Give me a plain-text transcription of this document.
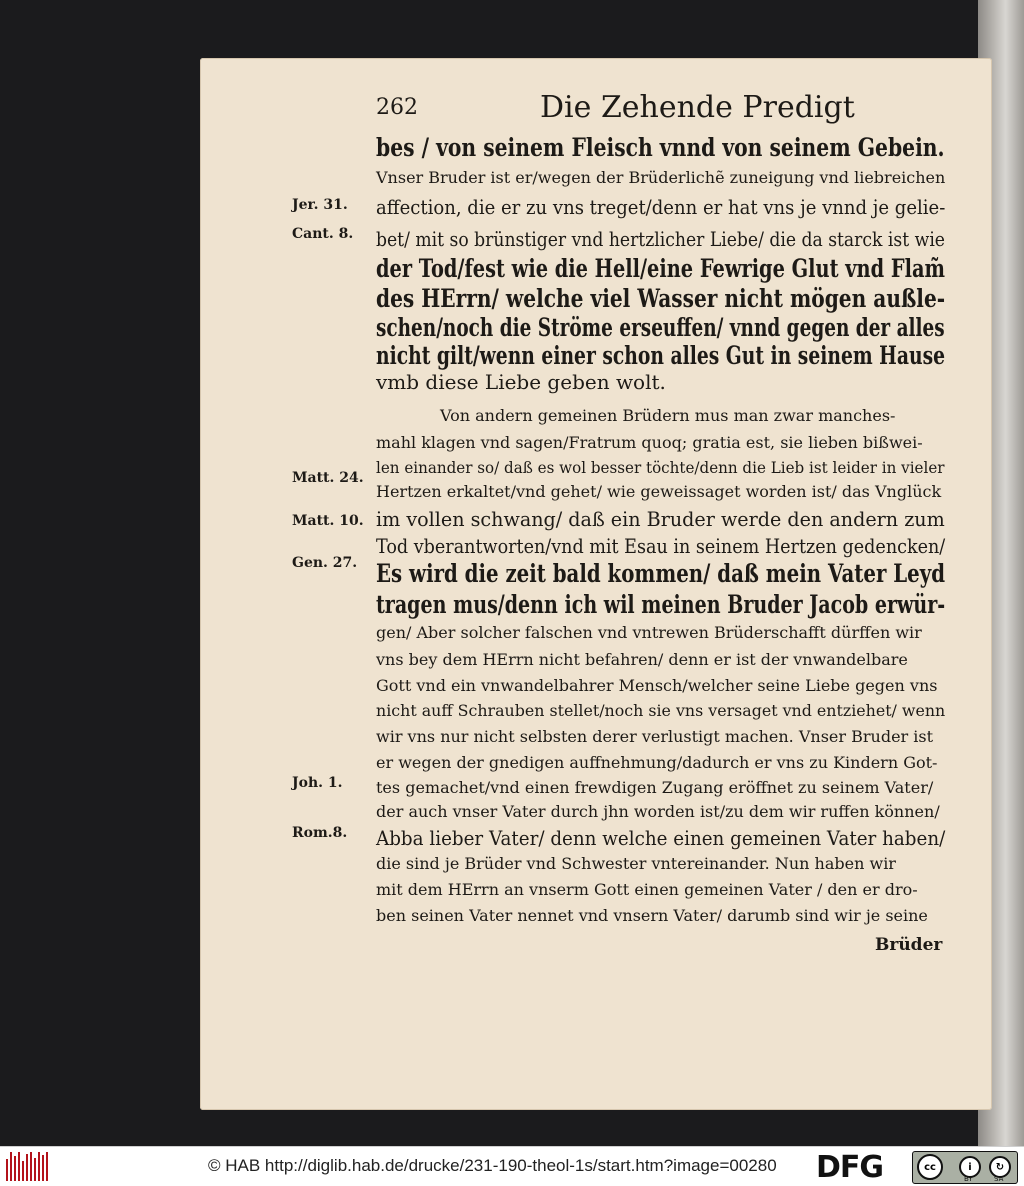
262	Die Zehende Predigt
bes / von seinem Fleisch vnnd von seinem Gebein.
Vnser Bruder ist er/wegen der Brüderlichẽ zuneigung vnd liebreichen
affection, die er zu vns treget/denn er hat vns je vnnd je gelie-
bet/ mit so brünstiger vnd hertzlicher Liebe/ die da starck ist wie
der Tod/fest wie die Hell/eine Fewrige Glut vnd Flam̃
des HErrn/ welche viel Wasser nicht mögen außle-
schen/noch die Ströme erseuffen/ vnnd gegen der alles
nicht gilt/wenn einer schon alles Gut in seinem Hause
vmb diese Liebe geben wolt.
Von andern gemeinen Brüdern mus man zwar manches-
mahl klagen vnd sagen/Fratrum quoq; gratia est, sie lieben bißwei-
len einander so/ daß es wol besser töchte/denn die Lieb ist leider in vieler
Hertzen erkaltet/vnd gehet/ wie geweissaget worden ist/ das Vnglück
im vollen schwang/ daß ein Bruder werde den andern zum
Tod vberantworten/vnd mit Esau in seinem Hertzen gedencken/
Es wird die zeit bald kommen/ daß mein Vater Leyd
tragen mus/denn ich wil meinen Bruder Jacob erwür-
gen/ Aber solcher falschen vnd vntrewen Brüderschafft dürffen wir
vns bey dem HErrn nicht befahren/ denn er ist der vnwandelbare
Gott vnd ein vnwandelbahrer Mensch/welcher seine Liebe gegen vns
nicht auff Schrauben stellet/noch sie vns versaget vnd entziehet/ wenn
wir vns nur nicht selbsten derer verlustigt machen. Vnser Bruder ist
er wegen der gnedigen auffnehmung/dadurch er vns zu Kindern Got-
tes gemachet/vnd einen frewdigen Zugang eröffnet zu seinem Vater/
der auch vnser Vater durch jhn worden ist/zu dem wir ruffen können/
Abba lieber Vater/ denn welche einen gemeinen Vater haben/
die sind je Brüder vnd Schwester vntereinander. Nun haben wir
mit dem HErrn an vnserm Gott einen gemeinen Vater / den er dro-
ben seinen Vater nennet vnd vnsern Vater/ darumb sind wir je seine
Brüder
Jer. 31.
Cant. 8.
Matt. 24.
Matt. 10.
Gen. 27.
Joh. 1.
Rom.8.
© HAB http://diglib.hab.de/drucke/231-190-theol-1s/start.htm?image=00280 DFG	cc	i
BY
↻
SA
